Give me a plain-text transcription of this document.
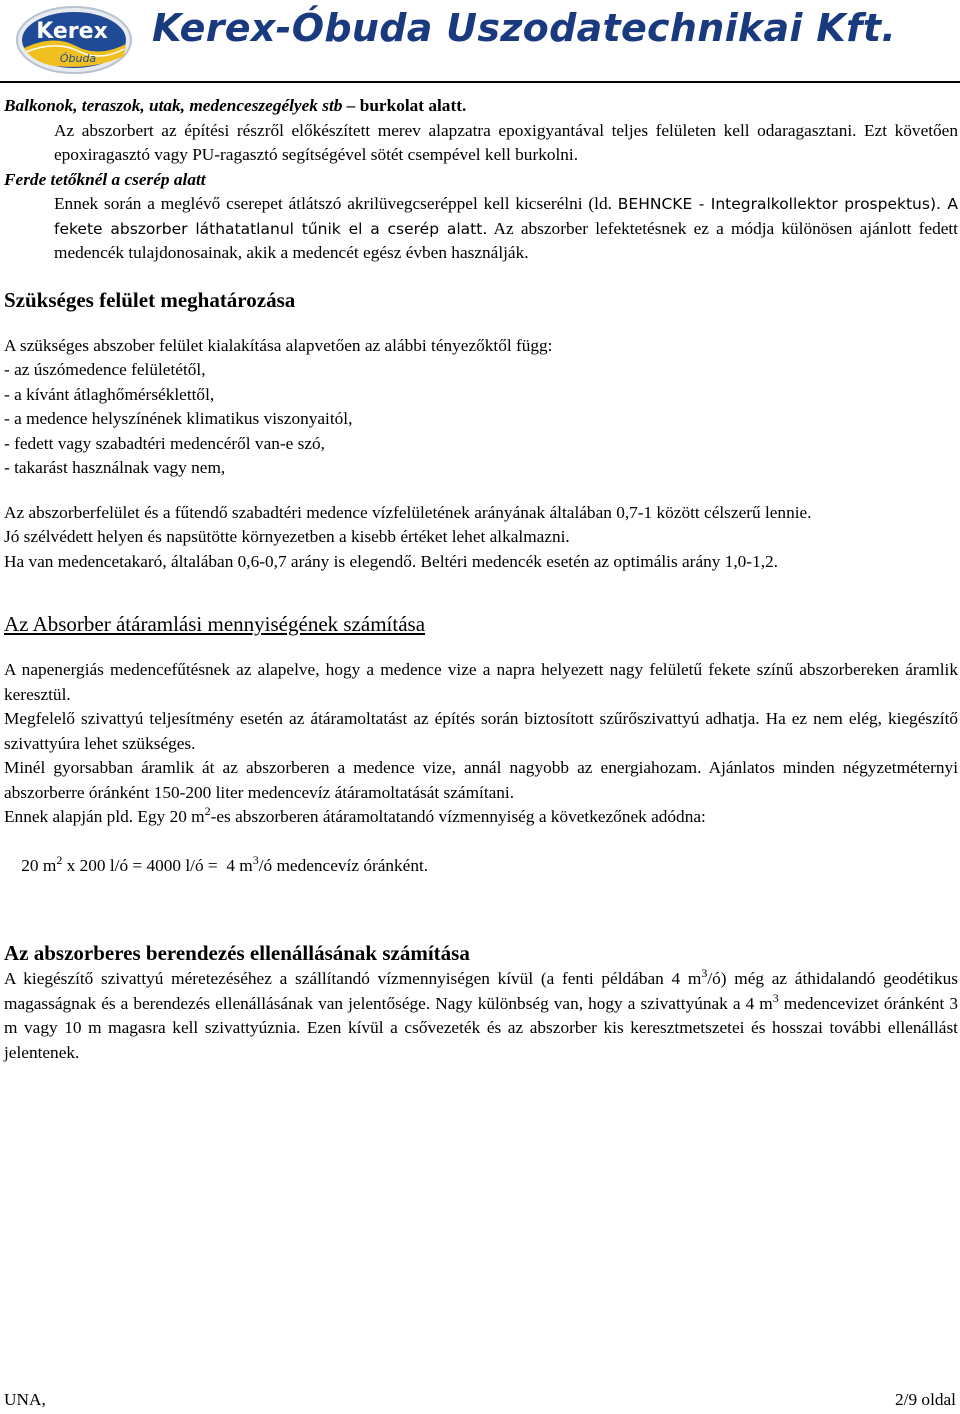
Kerex
Óbuda
Kerex-Óbuda Uszodatechnikai Kft.

Balkonok, teraszok, utak, medenceszegélyek stb – burkolat alatt.

Az abszorbert az építési részről előkészített merev alapzatra epoxigyantával teljes felületen kell odaragasztani. Ezt követően epoxiragasztó vagy PU-ragasztó segítségével sötét csempével kell burkolni.

Ferde tetőknél a cserép alatt

Ennek során a meglévő cserepet átlátszó akrilüvegcseréppel kell kicserélni (ld. BEHNCKE - Integralkollektor prospektus). A fekete abszorber láthatatlanul tűnik el a cserép alatt. Az abszorber lefektetésnek ez a módja különösen ajánlott fedett medencék tulajdonosainak, akik a medencét egész évben használják.

Szükséges felület meghatározása

A szükséges abszober felület kialakítása alapvetően az alábbi tényezőktől függ:

- az úszómedence felületétől,

- a kívánt átlaghőmérséklettől,

- a medence helyszínének klimatikus viszonyaitól,

- fedett vagy szabadtéri medencéről van-e szó,

- takarást használnak vagy nem,

Az abszorberfelület és a fűtendő szabadtéri medence vízfelületének arányának általában 0,7-1 között célszerű lennie.

Jó szélvédett helyen és napsütötte környezetben a kisebb értéket lehet alkalmazni.

Ha van medencetakaró, általában 0,6-0,7 arány is elegendő. Beltéri medencék esetén az optimális arány 1,0-1,2.

Az Absorber átáramlási mennyiségének számítása

A napenergiás medencefűtésnek az alapelve, hogy a medence vize a napra helyezett nagy felületű fekete színű abszorbereken áramlik keresztül.

Megfelelő szivattyú teljesítmény esetén az átáramoltatást az építés során biztosított szűrőszivattyú adhatja. Ha ez nem elég, kiegészítő szivattyúra lehet szükséges.

Minél gyorsabban áramlik át az abszorberen a medence vize, annál nagyobb az energiahozam. Ajánlatos minden négyzetméternyi abszorberre óránként 150-200 liter medencevíz átáramoltatását számítani.

Ennek alapján pld. Egy 20 $m^2-es$ abszorberen átáramoltatandó vízmennyiség a következőnek adódna:

20 $m^2$ x 200 l/ó = 4000 l/ó =  4 $m^3/ó$ medencevíz óránként.

Az abszorberes berendezés ellenállásának számítása

A kiegészítő szivattyú méretezéséhez a szállítandó vízmennyiségen kívül (a fenti példában 4 $m^3/ó$) még az áthidalandó geodétikus magasságnak és a berendezés ellenállásának van jelentősége. Nagy különbség van, hogy a szivattyúnak a 4 $m^3$ medencevizet óránként 3 m vagy 10 m magasra kell szivattyúznia. Ezen kívül a csővezeték és az abszorber kis keresztmetszetei és hosszai további ellenállást jelentenek.

UNA,	2/9 oldal
